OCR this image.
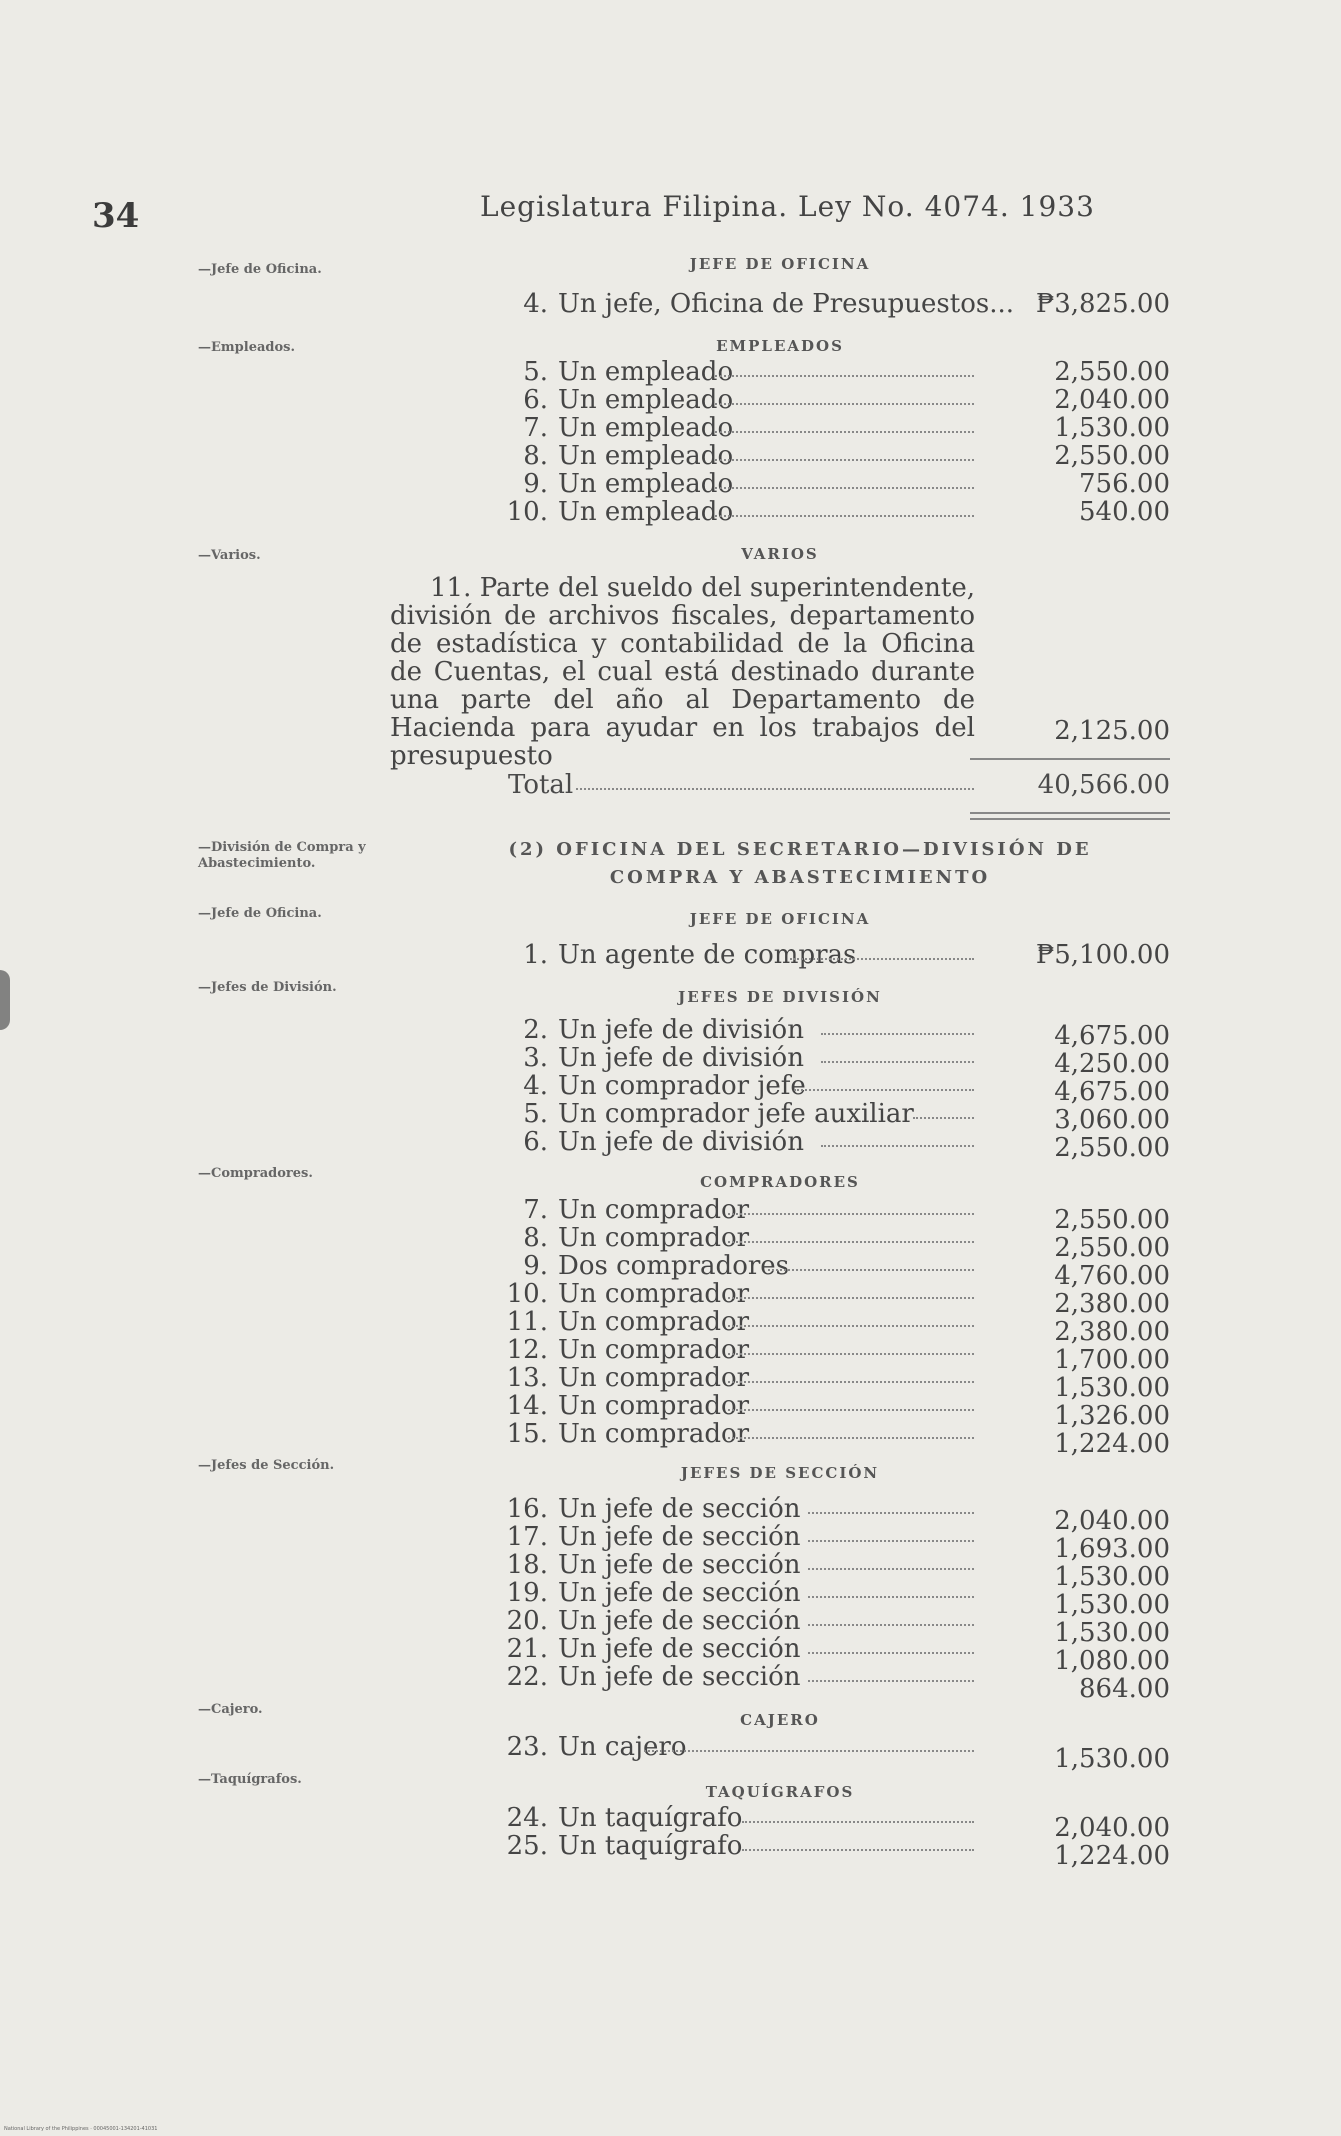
34	Legislatura Filipina. Ley No. 4074. 1933
—Jefe de Oficina.
—Empleados.
—Varios.
—División de Compra y Abastecimiento.
—Jefe de Oficina.
—Jefes de División.
—Compradores.
—Jefes de Sección.
—Cajero.
—Taquígrafos.
JEFE DE OFICINA
4. Un jefe, Oficina de Presupuestos... ₱3,825.00
EMPLEADOS
5. Un empleado	2,550.00
6. Un empleado	2,040.00
7. Un empleado	1,530.00
8. Un empleado	2,550.00
9. Un empleado	756.00
10. Un empleado	540.00
VARIOS
11. Parte del sueldo del superintendente, división de archivos fiscales, departamento de estadística y contabilidad de la Oficina de Cuentas, el cual está destinado durante una parte del año al Departamento de Hacienda para ayudar en los trabajos del presupuesto
2,125.00
Total	40,566.00
(2) OFICINA DEL SECRETARIO—DIVISIÓN DE
COMPRA Y ABASTECIMIENTO
JEFE DE OFICINA
1. Un agente de compras	₱5,100.00
JEFES DE DIVISIÓN
2. Un jefe de división	4,675.00
3. Un jefe de división	4,250.00
4. Un comprador jefe	4,675.00
5. Un comprador jefe auxiliar	3,060.00
6. Un jefe de división	2,550.00
COMPRADORES
7. Un comprador	2,550.00
8. Un comprador	2,550.00
9. Dos compradores	4,760.00
10. Un comprador	2,380.00
11. Un comprador	2,380.00
12. Un comprador	1,700.00
13. Un comprador	1,530.00
14. Un comprador	1,326.00
15. Un comprador	1,224.00
JEFES DE SECCIÓN
16. Un jefe de sección	2,040.00
17. Un jefe de sección	1,693.00
18. Un jefe de sección	1,530.00
19. Un jefe de sección	1,530.00
20. Un jefe de sección	1,530.00
21. Un jefe de sección	1,080.00
22. Un jefe de sección	864.00
CAJERO
23. Un cajero	1,530.00
TAQUÍGRAFOS
24. Un taquígrafo	2,040.00
25. Un taquígrafo	1,224.00
National Library of the Philippines · 00045001-134201-41031
